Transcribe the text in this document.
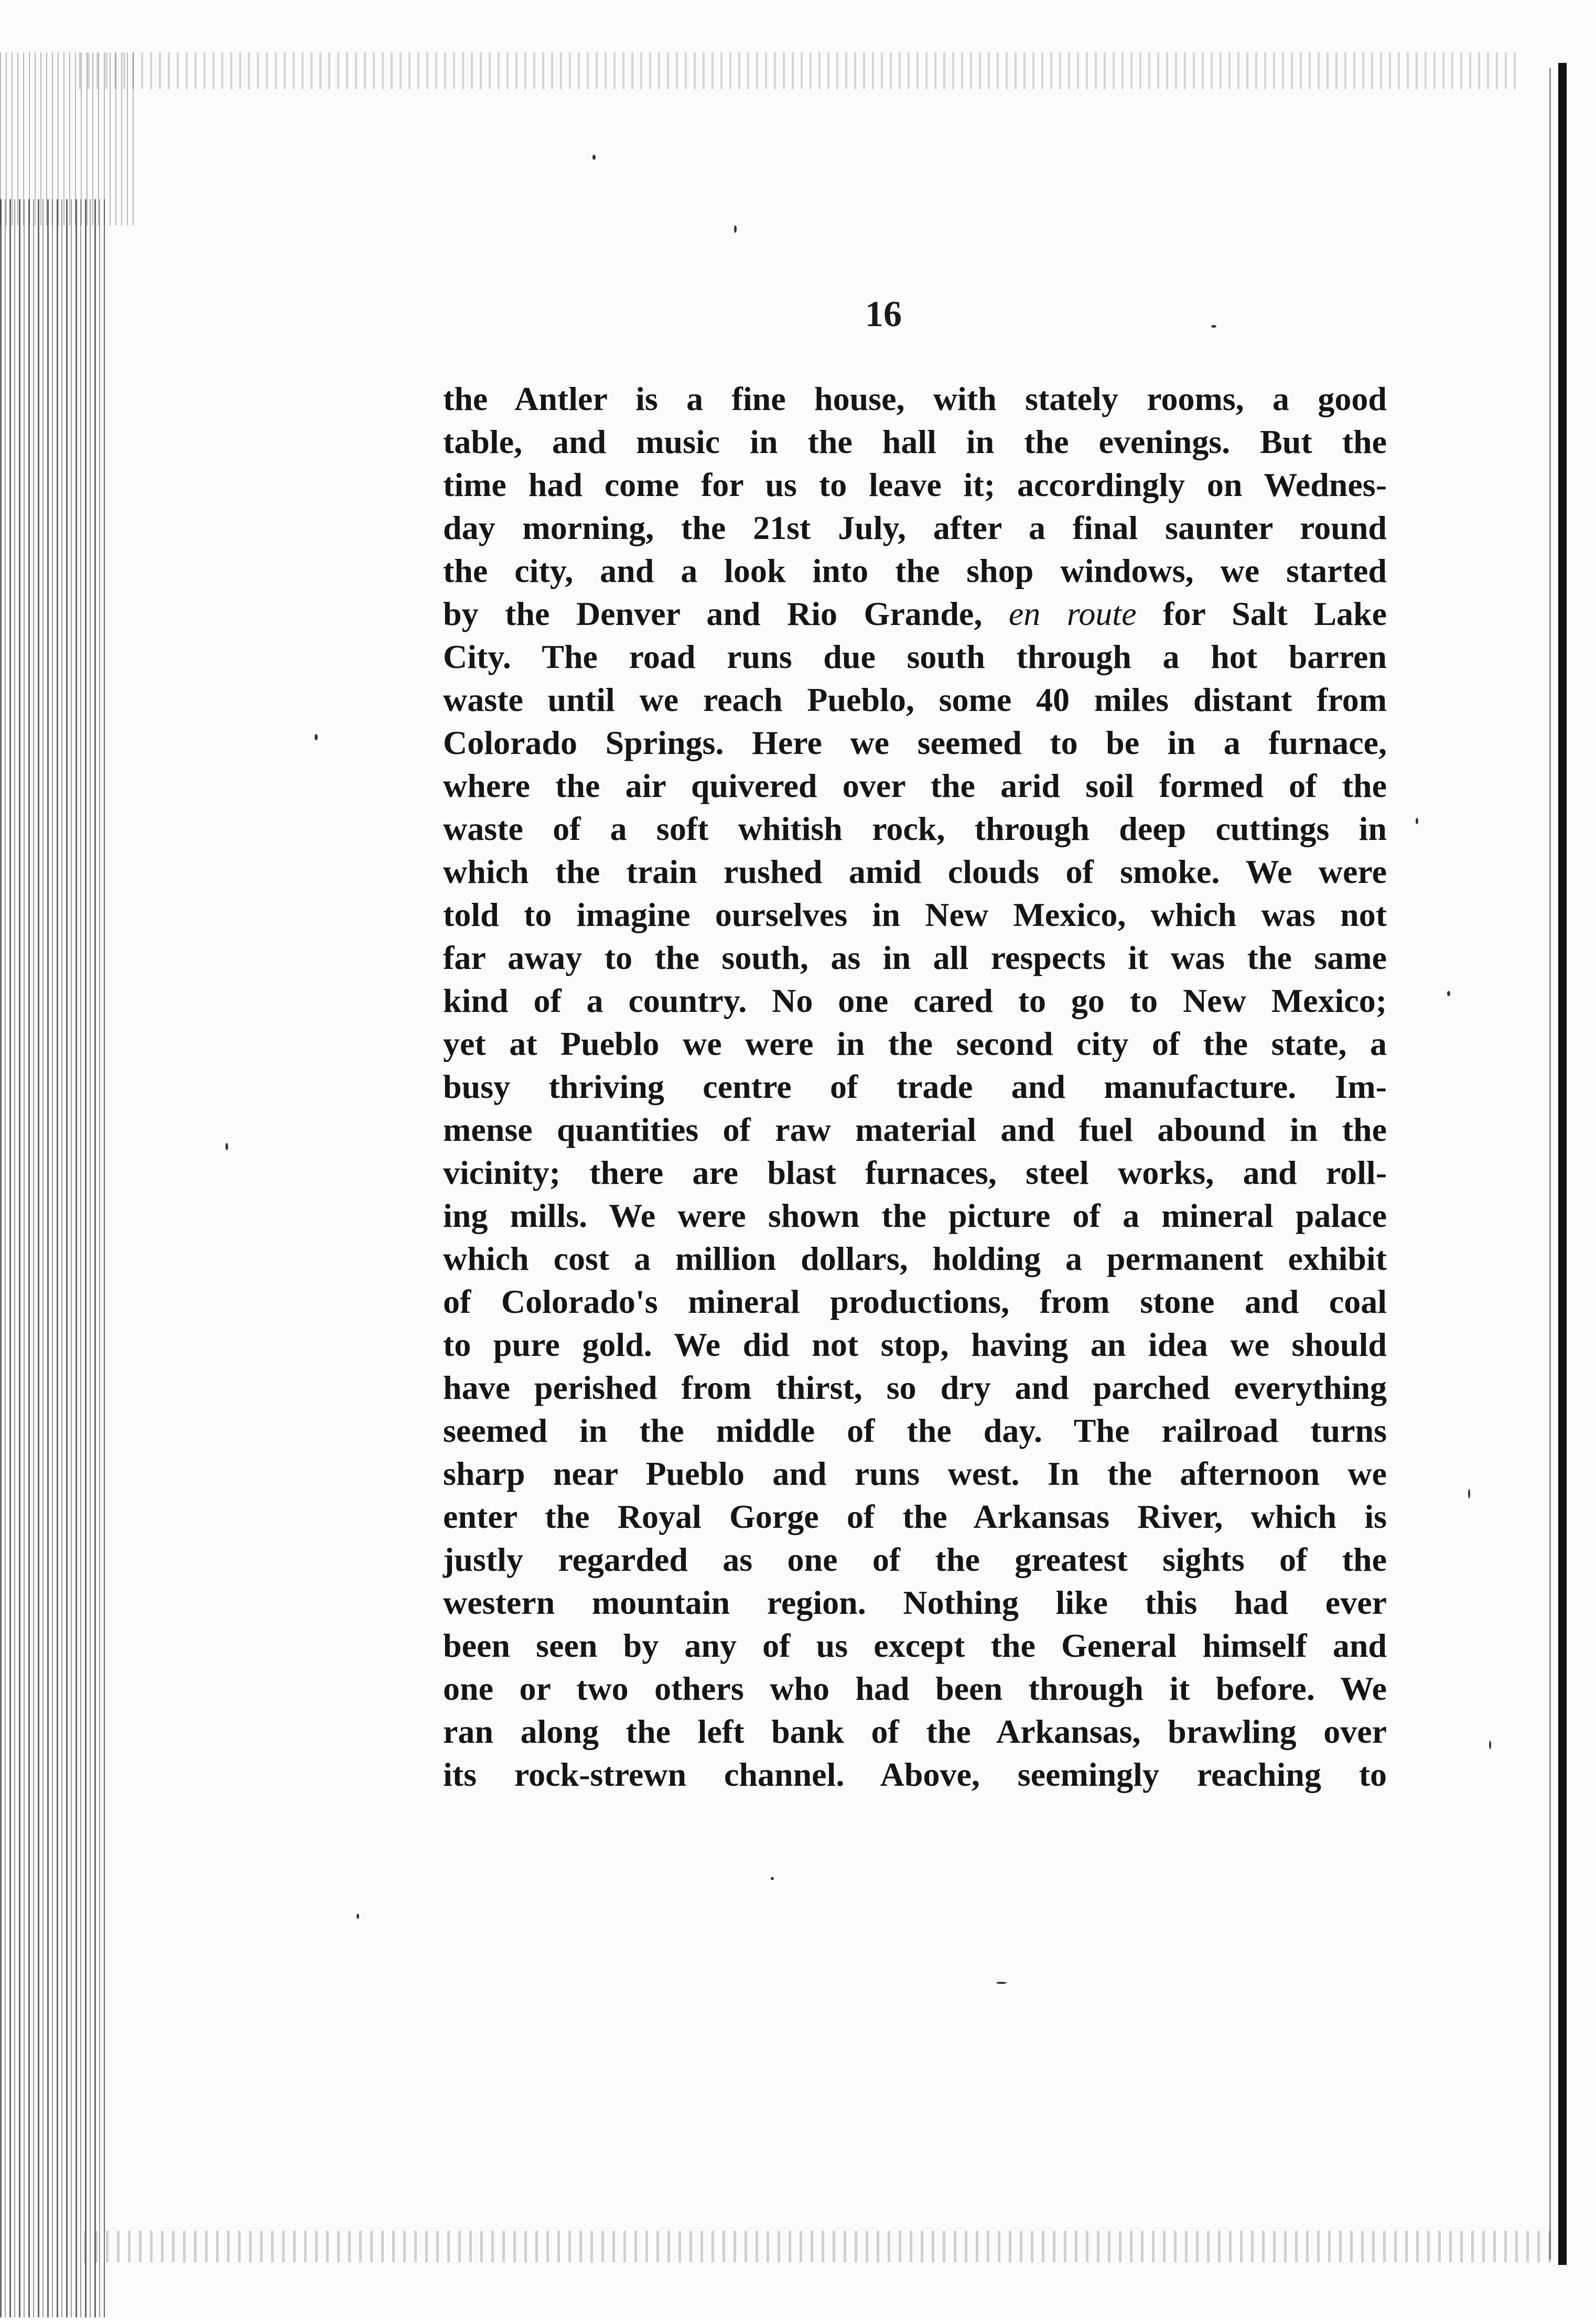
16
the Antler is a fine house, with stately rooms, a good
table, and music in the hall in the evenings. But the
time had come for us to leave it; accordingly on Wednes-
day morning, the 21st July, after a final saunter round
the city, and a look into the shop windows, we started
by the Denver and Rio Grande, en route for Salt Lake
City. The road runs due south through a hot barren
waste until we reach Pueblo, some 40 miles distant from
Colorado Springs. Here we seemed to be in a furnace,
where the air quivered over the arid soil formed of the
waste of a soft whitish rock, through deep cuttings in
which the train rushed amid clouds of smoke. We were
told to imagine ourselves in New Mexico, which was not
far away to the south, as in all respects it was the same
kind of a country. No one cared to go to New Mexico;
yet at Pueblo we were in the second city of the state, a
busy thriving centre of trade and manufacture. Im-
mense quantities of raw material and fuel abound in the
vicinity; there are blast furnaces, steel works, and roll-
ing mills. We were shown the picture of a mineral palace
which cost a million dollars, holding a permanent exhibit
of Colorado's mineral productions, from stone and coal
to pure gold. We did not stop, having an idea we should
have perished from thirst, so dry and parched everything
seemed in the middle of the day. The railroad turns
sharp near Pueblo and runs west. In the afternoon we
enter the Royal Gorge of the Arkansas River, which is
justly regarded as one of the greatest sights of the
western mountain region. Nothing like this had ever
been seen by any of us except the General himself and
one or two others who had been through it before. We
ran along the left bank of the Arkansas, brawling over
its rock-strewn channel. Above, seemingly reaching to
